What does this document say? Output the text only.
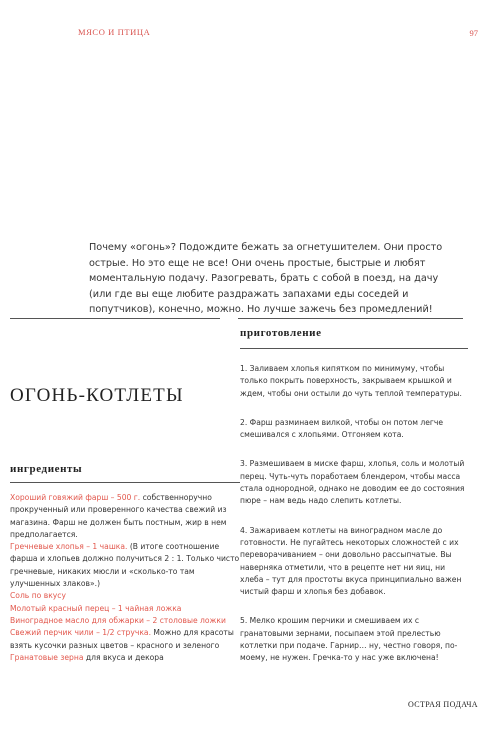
МЯСО И ПТИЦА	97
Почему «огонь»? Подождите бежать за огнетушителем. Они просто острые. Но это еще не все! Они очень простые, быстрые и любят моментальную подачу. Разогревать, брать с собой в поезд, на дачу (или где вы еще любите раздражать запахами еды соседей и попутчиков), конечно, можно. Но лучше зажечь без промедлений!
ОГОНЬ-КОТЛЕТЫ
ингредиенты

Хороший говяжий фарш – 500 г. собственноручно прокрученный или проверенного качества свежий из магазина. Фарш не должен быть постным, жир в нем предполагается.

Гречневые хлопья – 1 чашка. (В итоге соотношение фарша и хлопьев должно получиться 2 : 1. Только чисто гречневые, никаких мюсли и «сколько-то там улучшенных злаков».)

Соль по вкусу

Молотый красный перец – 1 чайная ложка

Виноградное масло для обжарки – 2 столовые ложки

Свежий перчик чили – 1/2 стручка. Можно для красоты взять кусочки разных цветов – красного и зеленого

Гранатовые зерна для вкуса и декора

приготовление

1. Заливаем хлопья кипятком по минимуму, чтобы только покрыть поверхность, закрываем крышкой и ждем, чтобы они остыли до чуть теплой температуры.

2. Фарш разминаем вилкой, чтобы он потом легче смешивался с хлопьями. Отгоняем кота.

3. Размешиваем в миске фарш, хлопья, соль и молотый перец. Чуть-чуть поработаем блендером, чтобы масса стала однородной, однако не доводим ее до состояния пюре – нам ведь надо слепить котлеты.

4. Зажариваем котлеты на виноградном масле до готовности. Не пугайтесь некоторых сложностей с их переворачиванием – они довольно рассыпчатые. Вы наверняка отметили, что в рецепте нет ни яиц, ни хлеба – тут для простоты вкуса принципиально важен чистый фарш и хлопья без добавок.

5. Мелко крошим перчики и смешиваем их с гранатовыми зернами, посыпаем этой прелестью котлетки при подаче. Гарнир… ну, честно говоря, по-моему, не нужен. Гречка-то у нас уже включена!

ОСТРАЯ ПОДАЧА
